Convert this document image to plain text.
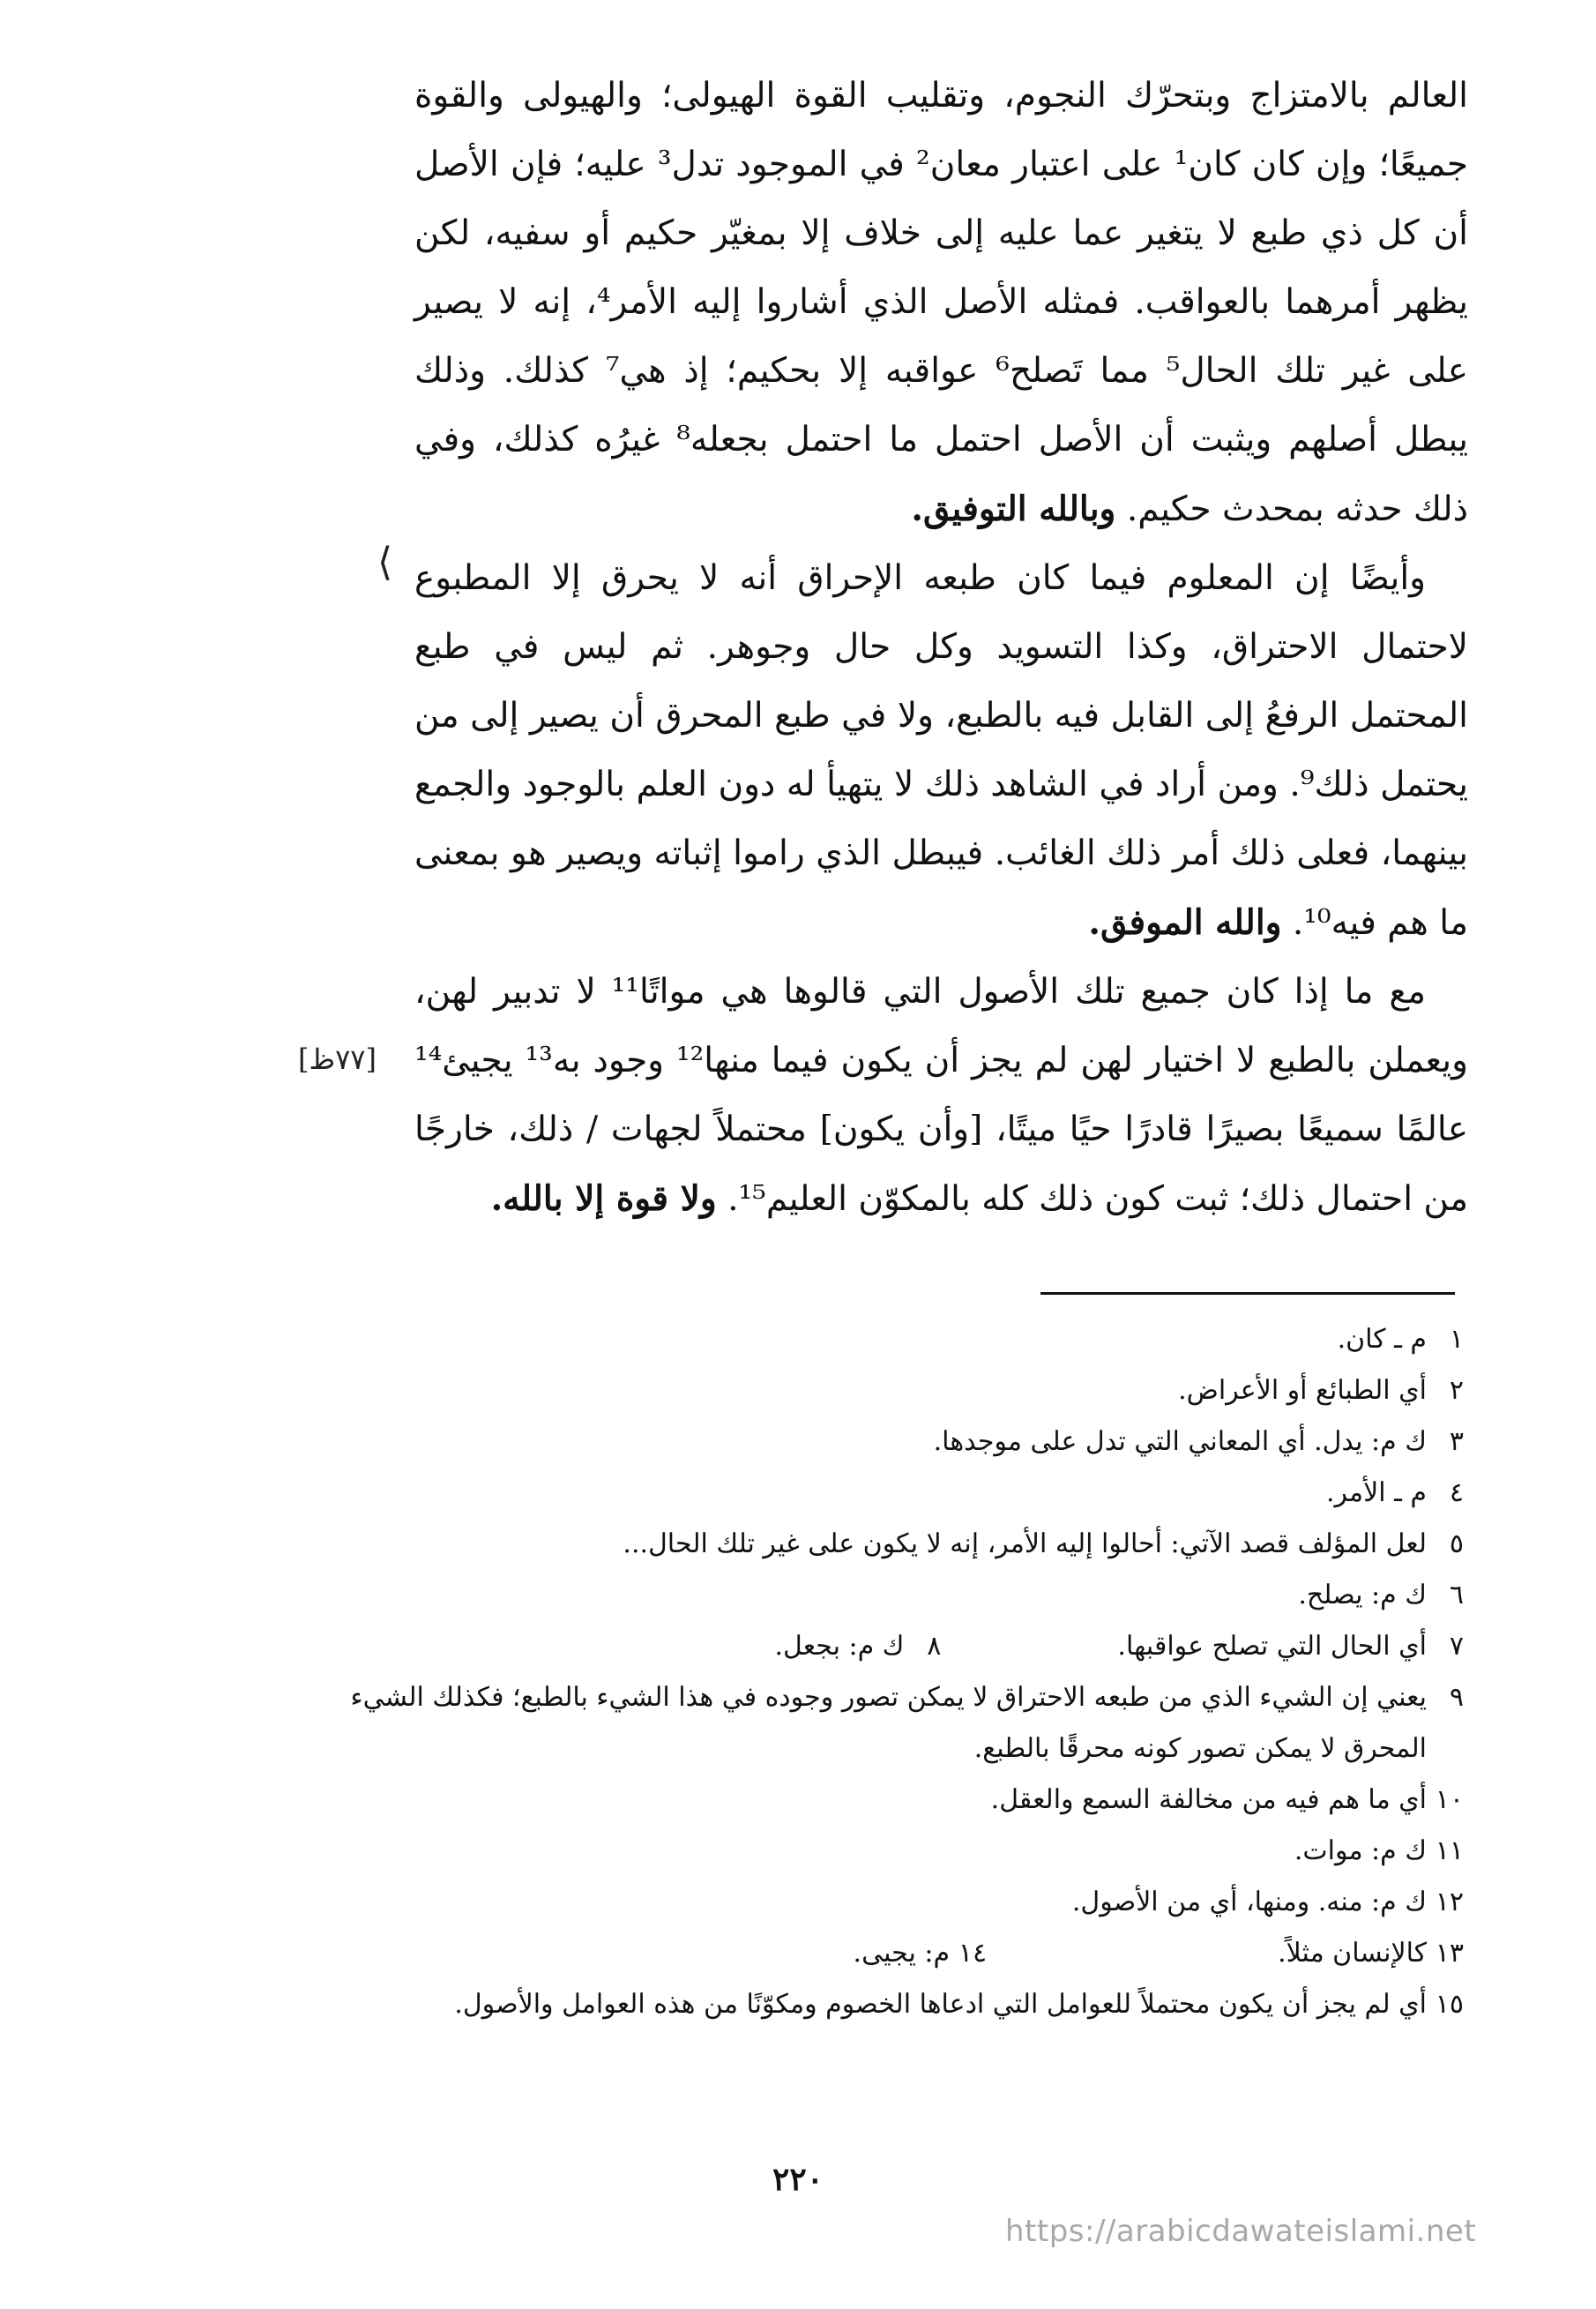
العالم بالامتزاج وبتحرّك النجوم، وتقليب القوة الهيولى؛ والهيولى والقوة جميعًا؛ وإن كان كان¹ على اعتبار معان² في الموجود تدل³ عليه؛ فإن الأصل أن كل ذي طبع لا يتغير عما عليه إلى خلاف إلا بمغيّر حكيم أو سفيه، لكن يظهر أمرهما بالعواقب. فمثله الأصل الذي أشاروا إليه الأمر⁴، إنه لا يصير على غير تلك الحال⁵ مما تَصلح⁶ عواقبه إلا بحكيم؛ إذ هي⁷ كذلك. وذلك يبطل أصلهم ويثبت أن الأصل احتمل ما احتمل بجعله⁸ غيرُه كذلك، وفي ذلك حدثه بمحدث حكيم. وبالله التوفيق.

وأيضًا إن المعلوم فيما كان طبعه الإحراق أنه لا يحرق إلا المطبوع لاحتمال الاحتراق، وكذا التسويد وكل حال وجوهر. ثم ليس في طبع المحتمل الرفعُ إلى القابل فيه بالطبع، ولا في طبع المحرق أن يصير إلى من يحتمل ذلك⁹. ومن أراد في الشاهد ذلك لا يتهيأ له دون العلم بالوجود والجمع بينهما، فعلى ذلك أمر ذلك الغائب. فيبطل الذي راموا إثباته ويصير هو بمعنى ما هم فيه¹⁰. والله الموفق.

مع ما إذا كان جميع تلك الأصول التي قالوها هي مواتًا¹¹ لا تدبير لهن، ويعملن بالطبع لا اختيار لهن لم يجز أن يكون فيما منها¹² وجود به¹³ يجيئ¹⁴ عالمًا سميعًا بصيرًا قادرًا حيًا ميتًا، [وأن يكون] محتملاً لجهات / ذلك، خارجًا من احتمال ذلك؛ ثبت كون ذلك كله بالمكوّن العليم¹⁵. ولا قوة إلا بالله.

⟨
[٧٧ظ]
١
م ـ كان.
٢
أي الطبائع أو الأعراض.
٣
ك م: يدل. أي المعاني التي تدل على موجدها.
٤
م ـ الأمر.
٥
لعل المؤلف قصد الآتي: أحالوا إليه الأمر، إنه لا يكون على غير تلك الحال...
٦
ك م: يصلح.
٧
أي الحال التي تصلح عواقبها.
٨
ك م: بجعل.
٩
يعني إن الشيء الذي من طبعه الاحتراق لا يمكن تصور وجوده في هذا الشيء بالطبع؛ فكذلك الشيء المحرق لا يمكن تصور كونه محرقًا بالطبع.
١٠
أي ما هم فيه من مخالفة السمع والعقل.
١١
ك م: موات.
١٢
ك م: منه. ومنها، أي من الأصول.
١٣
كالإنسان مثلاً.
١٤
م: يجيى.
١٥
أي لم يجز أن يكون محتملاً للعوامل التي ادعاها الخصوم ومكوّنًا من هذه العوامل والأصول.
٢٢٠
https://arabicdawateislami.net
